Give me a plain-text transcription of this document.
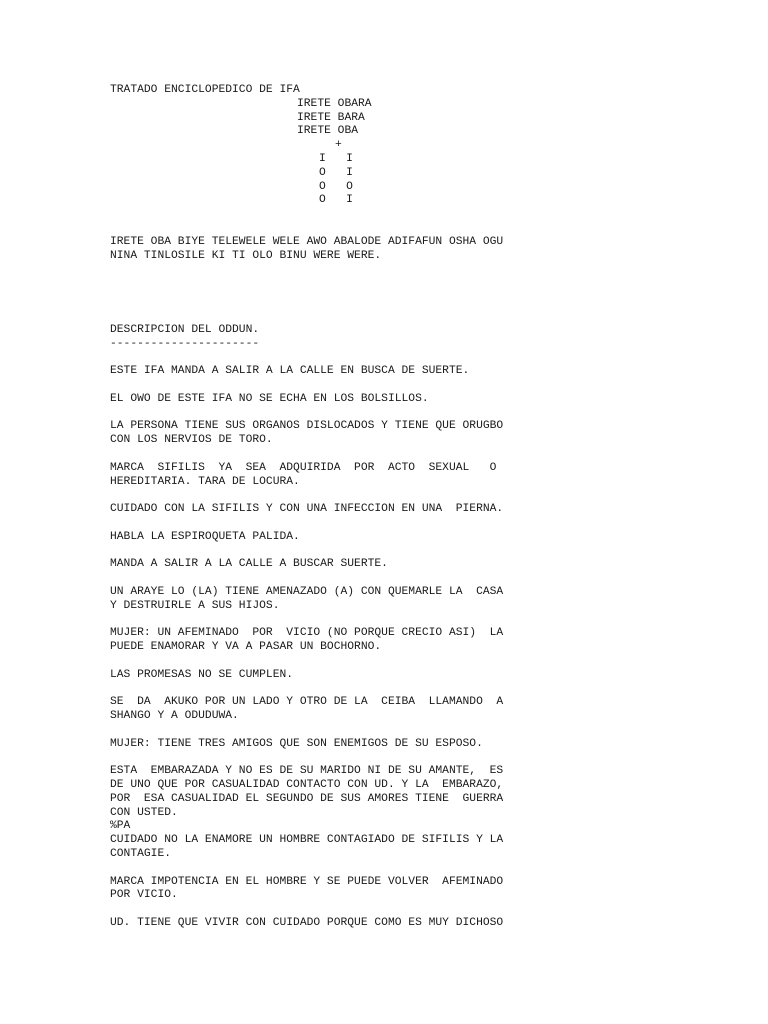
TRATADO ENCICLOPEDICO DE IFA
IRETE OBARA
IRETE BARA
IRETE OBA
+
I   I
O   I
O   O
O   I
IRETE OBA BIYE TELEWELE WELE AWO ABALODE ADIFAFUN OSHA OGU
NINA TINLOSILE KI TI OLO BINU WERE WERE.
DESCRIPCION DEL ODDUN.
----------------------
ESTE IFA MANDA A SALIR A LA CALLE EN BUSCA DE SUERTE.
EL OWO DE ESTE IFA NO SE ECHA EN LOS BOLSILLOS.
LA PERSONA TIENE SUS ORGANOS DISLOCADOS Y TIENE QUE ORUGBO
CON LOS NERVIOS DE TORO.
MARCA  SIFILIS  YA  SEA  ADQUIRIDA  POR  ACTO  SEXUAL   O
HEREDITARIA. TARA DE LOCURA.
CUIDADO CON LA SIFILIS Y CON UNA INFECCION EN UNA  PIERNA.
HABLA LA ESPIROQUETA PALIDA.
MANDA A SALIR A LA CALLE A BUSCAR SUERTE.
UN ARAYE LO (LA) TIENE AMENAZADO (A) CON QUEMARLE LA  CASA
Y DESTRUIRLE A SUS HIJOS.
MUJER: UN AFEMINADO  POR  VICIO (NO PORQUE CRECIO ASI)  LA
PUEDE ENAMORAR Y VA A PASAR UN BOCHORNO.
LAS PROMESAS NO SE CUMPLEN.
SE  DA  AKUKO POR UN LADO Y OTRO DE LA  CEIBA  LLAMANDO  A
SHANGO Y A ODUDUWA.
MUJER: TIENE TRES AMIGOS QUE SON ENEMIGOS DE SU ESPOSO.
ESTA  EMBARAZADA Y NO ES DE SU MARIDO NI DE SU AMANTE,  ES
DE UNO QUE POR CASUALIDAD CONTACTO CON UD. Y LA  EMBARAZO,
POR  ESA CASUALIDAD EL SEGUNDO DE SUS AMORES TIENE  GUERRA
CON USTED.
%PA
CUIDADO NO LA ENAMORE UN HOMBRE CONTAGIADO DE SIFILIS Y LA
CONTAGIE.
MARCA IMPOTENCIA EN EL HOMBRE Y SE PUEDE VOLVER  AFEMINADO
POR VICIO.
UD. TIENE QUE VIVIR CON CUIDADO PORQUE COMO ES MUY DICHOSO
